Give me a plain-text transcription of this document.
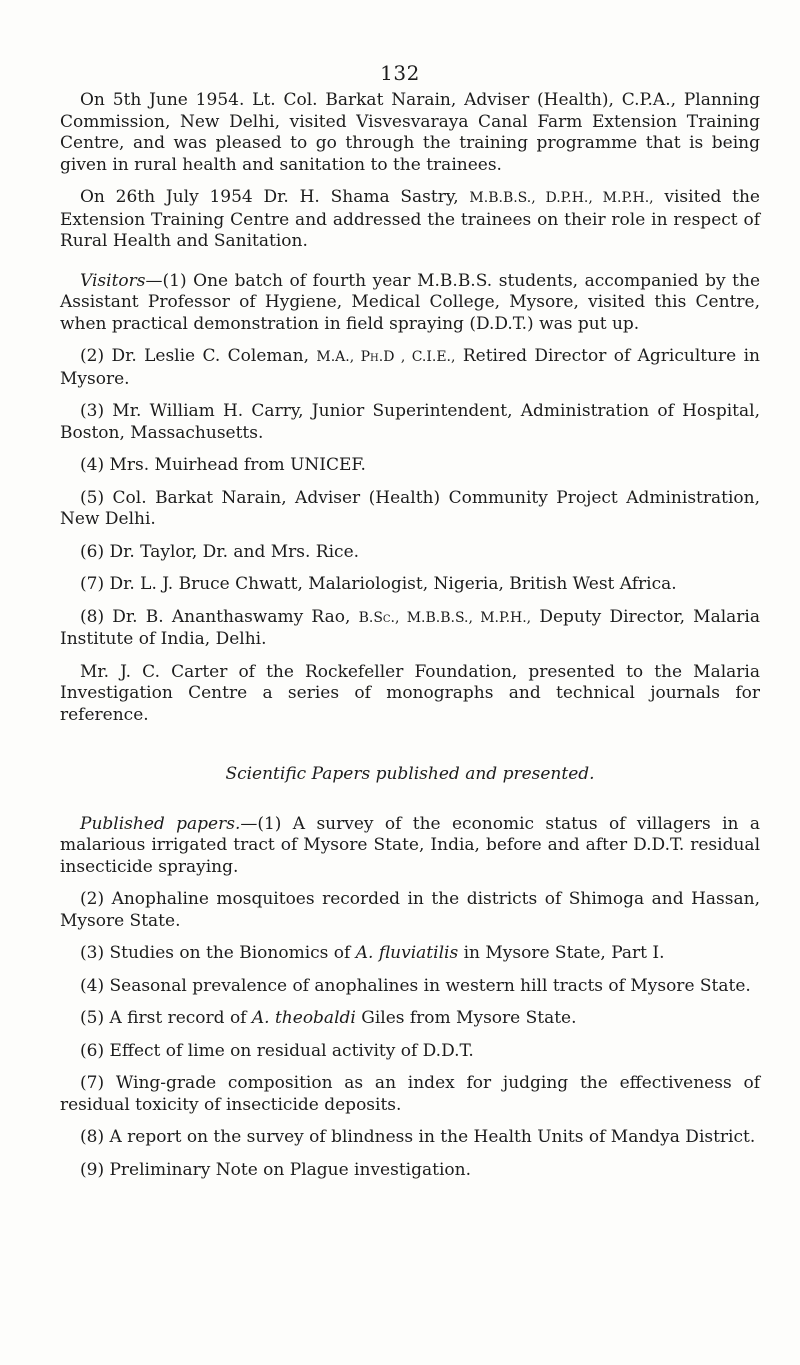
132

On 5th June 1954. Lt. Col. Barkat Narain, Adviser (Health), C.P.A., Planning Commission, New Delhi, visited Visvesvaraya Canal Farm Extension Training Centre, and was pleased to go through the training programme that is being given in rural health and sanitation to the trainees.

On 26th July 1954 Dr. H. Shama Sastry, M.B.B.S., D.P.H., M.P.H., visited the Extension Training Centre and addressed the trainees on their role in respect of Rural Health and Sanitation.

Visitors—(1) One batch of fourth year M.B.B.S. students, accompanied by the Assistant Professor of Hygiene, Medical College, Mysore, visited this Centre, when practical demonstration in field spraying (D.D.T.) was put up.

(2) Dr. Leslie C. Coleman, M.A., Ph.D , C.I.E., Retired Director of Agriculture in Mysore.

(3) Mr. William H. Carry, Junior Superintendent, Administration of Hospital, Boston, Massachusetts.

(4) Mrs. Muirhead from UNICEF.

(5) Col. Barkat Narain, Adviser (Health) Community Project Administration, New Delhi.

(6) Dr. Taylor, Dr. and Mrs. Rice.

(7) Dr. L. J. Bruce Chwatt, Malariologist, Nigeria, British West Africa.

(8) Dr. B. Ananthaswamy Rao, B.Sc., M.B.B.S., M.P.H., Deputy Director, Malaria Institute of India, Delhi.

Mr. J. C. Carter of the Rockefeller Foundation, presented to the Malaria Investigation Centre a series of monographs and technical journals for reference.

Scientific Papers published and presented.

Published papers.—(1) A survey of the economic status of villagers in a malarious irrigated tract of Mysore State, India, before and after D.D.T. residual insecticide spraying.

(2) Anophaline mosquitoes recorded in the districts of Shimoga and Hassan, Mysore State.

(3) Studies on the Bionomics of A. fluviatilis in Mysore State, Part I.

(4) Seasonal prevalence of anophalines in western hill tracts of Mysore State.

(5) A first record of A. theobaldi Giles from Mysore State.

(6) Effect of lime on residual activity of D.D.T.

(7) Wing-grade composition as an index for judging the effectiveness of residual toxicity of insecticide deposits.

(8) A report on the survey of blindness in the Health Units of Mandya District.

(9) Preliminary Note on Plague investigation.
